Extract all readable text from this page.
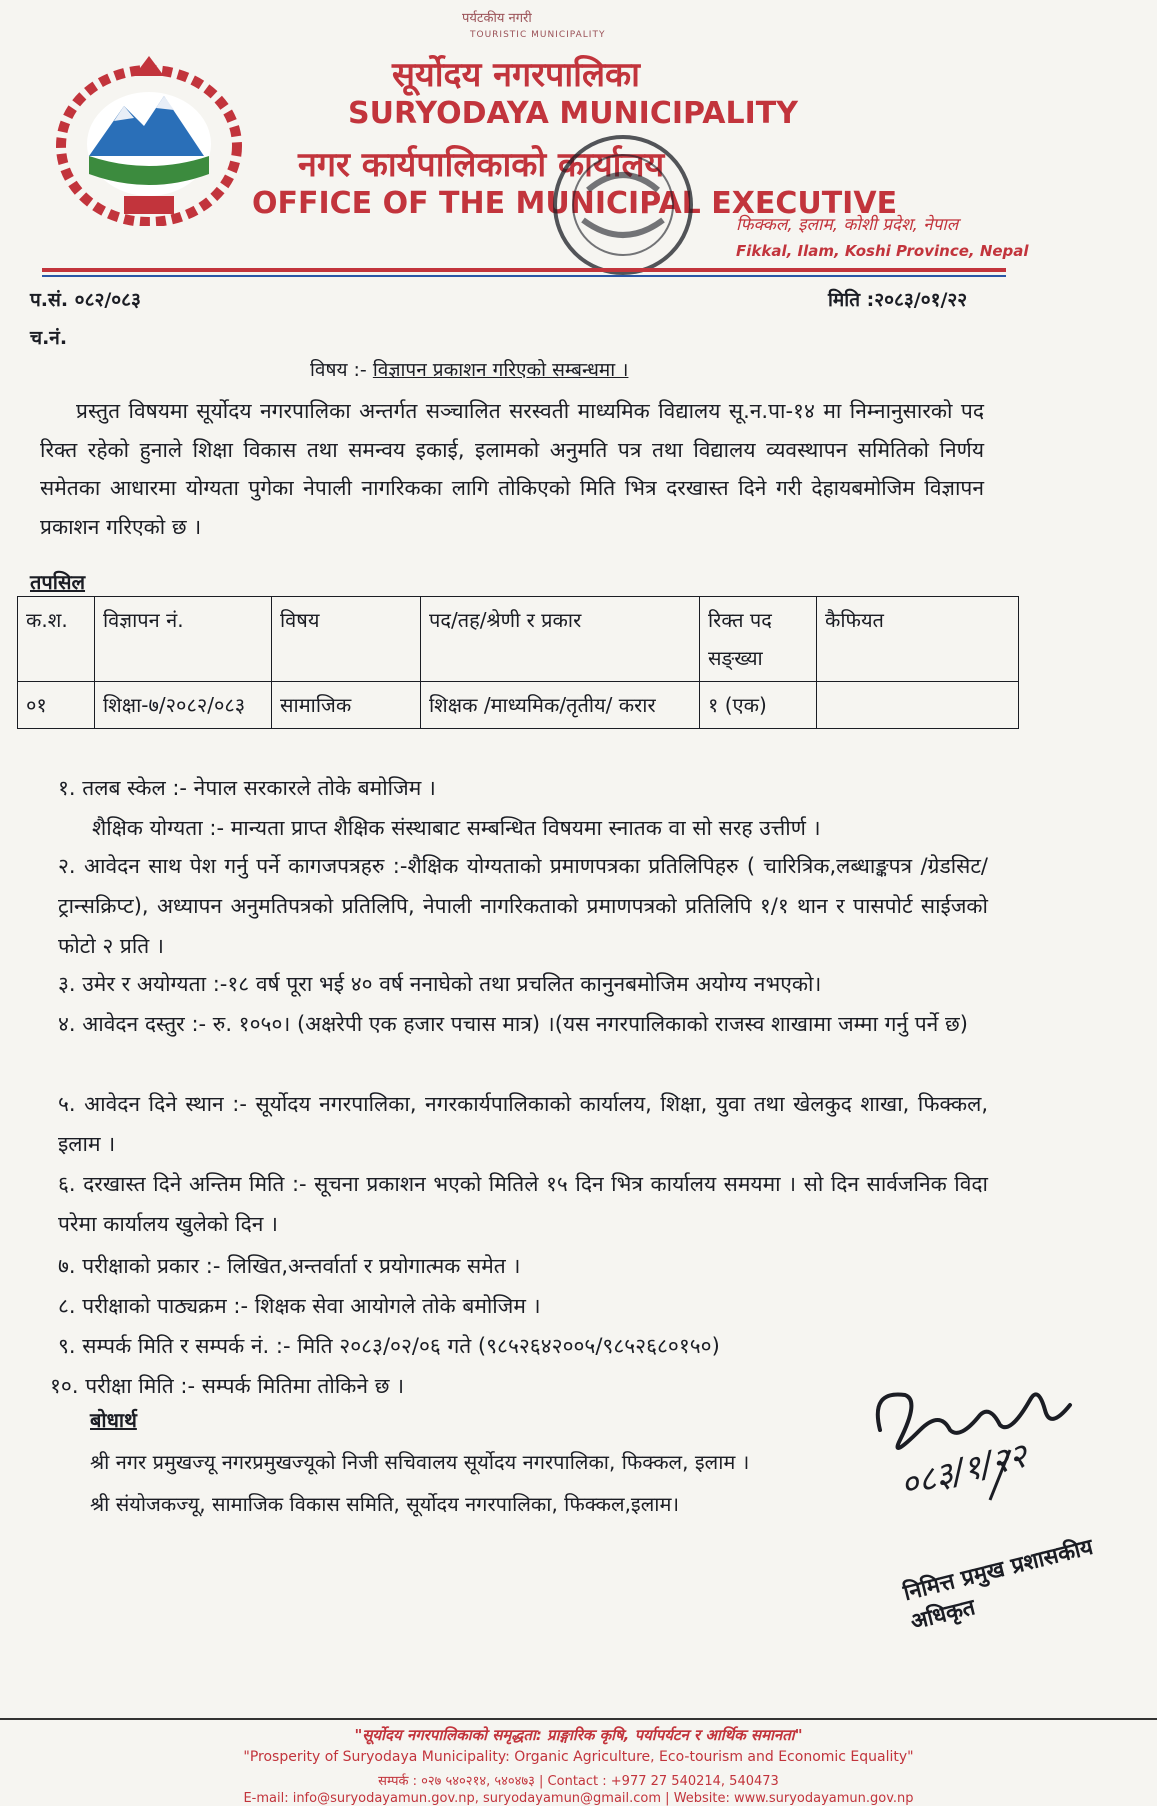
पर्यटकीय नगरी
TOURISTIC MUNICIPALITY
सूर्योदय नगरपालिका
SURYODAYA MUNICIPALITY
नगर कार्यपालिकाको कार्यालय
OFFICE OF THE MUNICIPAL EXECUTIVE
फिक्कल, इलाम, कोशी प्रदेश, नेपाल
Fikkal, Ilam, Koshi Province, Nepal
प.सं. ०८२/०८३
च.नं.
मिति :२०८३/०१/२२
विषय :- विज्ञापन प्रकाशन गरिएको सम्बन्धमा ।
प्रस्तुत विषयमा सूर्योदय नगरपालिका अन्तर्गत सञ्चालित सरस्वती माध्यमिक विद्यालय सू.न.पा-१४ मा निम्नानुसारको पद रिक्त रहेको हुनाले शिक्षा विकास तथा समन्वय इकाई, इलामको अनुमति पत्र तथा विद्यालय व्यवस्थापन समितिको निर्णय समेतका आधारमा योग्यता पुगेका नेपाली नागरिकका लागि तोकिएको मिति भित्र दरखास्त दिने गरी देहायबमोजिम विज्ञापन प्रकाशन गरिएको छ ।
तपसिल
क.श.	विज्ञापन नं.	विषय	पद/तह/श्रेणी र प्रकार	रिक्त पद सङ्ख्या	कैफियत
०१	शिक्षा-७/२०८२/०८३	सामाजिक	शिक्षक /माध्यमिक/तृतीय/ करार	१ (एक)	
१. तलब स्केल :- नेपाल सरकारले तोके बमोजिम ।
शैक्षिक योग्यता :- मान्यता प्राप्त शैक्षिक संस्थाबाट सम्बन्धित विषयमा स्नातक वा सो सरह उत्तीर्ण ।
२. आवेदन साथ पेश गर्नु पर्ने कागजपत्रहरु :-शैक्षिक योग्यताको प्रमाणपत्रका प्रतिलिपिहरु ( चारित्रिक,लब्धाङ्कपत्र /ग्रेडसिट/ ट्रान्सक्रिप्ट), अध्यापन अनुमतिपत्रको प्रतिलिपि, नेपाली नागरिकताको प्रमाणपत्रको प्रतिलिपि १/१ थान र पासपोर्ट साईजको फोटो २ प्रति ।
३. उमेर र अयोग्यता :-१८ वर्ष पूरा भई ४० वर्ष ननाघेको तथा प्रचलित कानुनबमोजिम अयोग्य नभएको।
४. आवेदन दस्तुर :- रु. १०५०। (अक्षरेपी एक हजार पचास मात्र) ।(यस नगरपालिकाको राजस्व शाखामा जम्मा गर्नु पर्ने छ)
५. आवेदन दिने स्थान :- सूर्योदय नगरपालिका, नगरकार्यपालिकाको कार्यालय, शिक्षा, युवा तथा खेलकुद शाखा, फिक्कल, इलाम ।
६. दरखास्त दिने अन्तिम मिति :- सूचना प्रकाशन भएको मितिले १५ दिन भित्र कार्यालय समयमा । सो दिन सार्वजनिक विदा परेमा कार्यालय खुलेको दिन ।
७. परीक्षाको प्रकार :- लिखित,अन्तर्वार्ता र प्रयोगात्मक समेत ।
८. परीक्षाको पाठ्यक्रम :- शिक्षक सेवा आयोगले तोके बमोजिम ।
९. सम्पर्क मिति र सम्पर्क नं. :- मिति २०८३/०२/०६ गते (९८५२६४२००५/९८५२६८०१५०)
१०. परीक्षा मिति :- सम्पर्क मितिमा तोकिने छ ।
०८३/१/२२
निमित्त प्रमुख प्रशासकीय अधिकृत
बोधार्थ
श्री नगर प्रमुखज्यू नगरप्रमुखज्यूको निजी सचिवालय सूर्योदय नगरपालिका, फिक्कल, इलाम ।
श्री संयोजकज्यू, सामाजिक विकास समिति, सूर्योदय नगरपालिका, फिक्कल,इलाम।
"सूर्योदय नगरपालिकाको समृद्धता: प्राङ्गारिक कृषि, पर्यापर्यटन र आर्थिक समानता"
"Prosperity of Suryodaya Municipality: Organic Agriculture, Eco-tourism and Economic Equality"
सम्पर्क : ०२७ ५४०२१४, ५४०४७३ | Contact : +977 27 540214, 540473
E-mail: info@suryodayamun.gov.np, suryodayamun@gmail.com | Website: www.suryodayamun.gov.np
